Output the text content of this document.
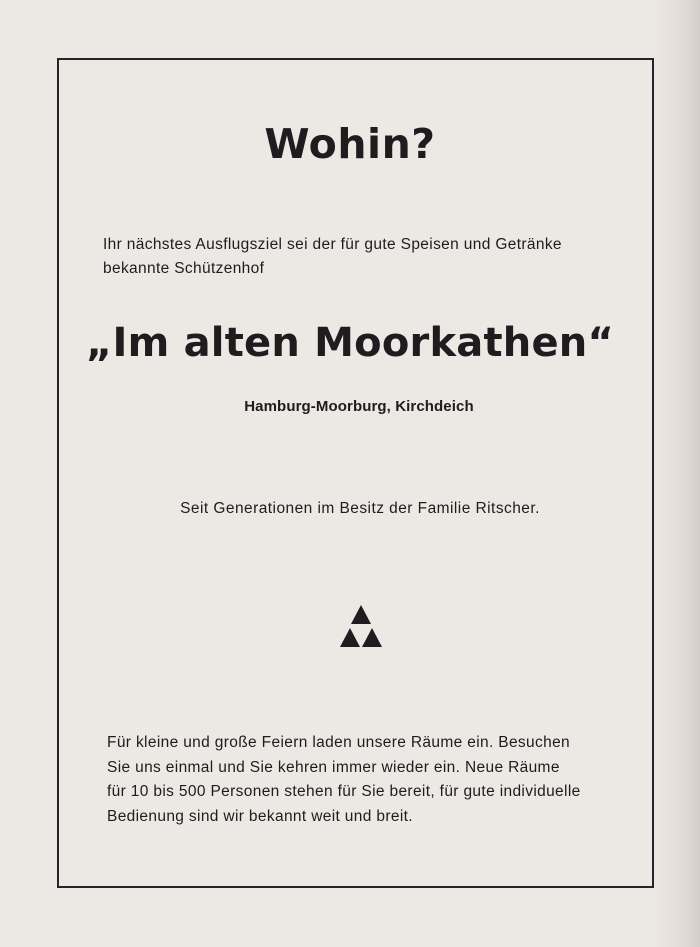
Wohin?

Ihr nächstes Ausflugsziel sei der für gute Speisen und Getränke
bekannte Schützenhof

„Im alten Moorkathen“

Hamburg-Moorburg, Kirchdeich

Seit Generationen im Besitz der Familie Ritscher.

Für kleine und große Feiern laden unsere Räume ein. Besuchen
Sie uns einmal und Sie kehren immer wieder ein. Neue Räume
für 10 bis 500 Personen stehen für Sie bereit, für gute individuelle
Bedienung sind wir bekannt weit und breit.
